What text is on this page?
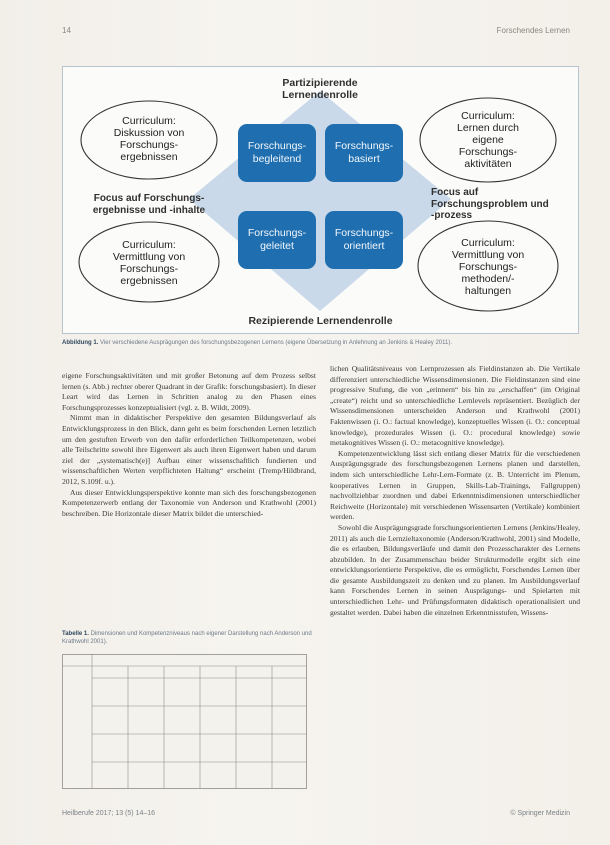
14	Forschendes Lernen
Partizipierende
Lernendenrolle
Rezipierende Lernendenrolle
Focus auf Forschungs-
ergebnisse und -inhalte
Focus auf
Forschungsproblem und
-prozess
Curriculum:
Diskussion von
Forschungs-
ergebnissen
Curriculum:
Lernen durch
eigene
Forschungs-
aktivitäten
Curriculum:
Vermittlung von
Forschungs-
ergebnissen
Curriculum:
Vermittlung von
Forschungs-
methoden/-
haltungen
Forschungs-
begleitend
Forschungs-
basiert
Forschungs-
geleitet
Forschungs-
orientiert
Abbildung 1. Vier verschiedene Ausprägungen des forschungsbezogenen Lernens (eigene Übersetzung in Anlehnung an Jenkins & Healey 2011).

eigene Forschungsaktivitäten und mit großer Betonung auf dem Prozess selbst lernen (s. Abb.) rechter oberer Quadrant in der Grafik: forschungsbasiert). In dieser Leart wird das Lernen in Schritten analog zu den Phasen eines Forschungsprozesses konzeptualisiert (vgl. z. B. Wildt, 2009).

Nimmt man in didaktischer Perspektive den gesamten Bildungsverlauf als Entwicklungsprozess in den Blick, dann geht es beim forschenden Lernen letztlich um den gestuften Erwerb von den dafür erforderlichen Teilkompetenzen, wobei alle Teilschritte sowohl ihre Eigenwert als auch ihren Eigenwert haben und darum ziel der „systematisch(e)] Aufbau einer wissenschaftlich fundierten und wissenschaftlichen Werten verpflichteten Haltung“ erscheint (Tremp/Hildbrand, 2012, S.109f. u.).

Aus dieser Entwicklungsperspektive konnte man sich des forschungsbezogenen Kompetenzerwerb entlang der Taxonomie von Anderson und Krathwohl (2001) beschreiben. Die Horizontale dieser Matrix bildet die unterschied-

lichen Qualitätsniveaus von Lernprozessen als Fieldinstanzen ab. Die Vertikale differenziert unterschiedliche Wissensdimensionen. Die Fieldinstanzen sind eine progressive Stufung, die von „erinnern“ bis hin zu „erschaffen“ (im Original „create“) reicht und so unterschiedliche Lernlevels repräsentiert. Bezüglich der Wissensdimensionen unterscheiden Anderson und Krathwohl (2001) Faktenwissen (i. O.: factual knowledge), konzeptuelles Wissen (i. O.: conceptual knowledge), prozedurales Wissen (i. O.: procedural knowledge) sowie metakognitives Wissen (i. O.: metacognitive knowledge).

Kompetenzentwicklung lässt sich entlang dieser Matrix für die verschiedenen Ausprägungsgrade des forschungsbezogenen Lernens planen und darstellen, indem sich unterschiedliche Lehr-Lern-Formate (z. B. Unterricht im Plenum, kooperatives Lernen in Gruppen, Skills-Lab-Trainings, Fallgruppen) nachvollziehbar zuordnen und dabei Erkenntnisdimensionen unterschiedlicher Reichweite (Horizontale) mit verschiedenen Wissensarten (Vertikale) kombiniert werden.

Sowohl die Ausprägungsgrade forschungsorientierten Lernens (Jenkins/Healey, 2011) als auch die Lernzieltaxonomie (Anderson/Krathwohl, 2001) sind Modelle, die es erlauben, Bildungsverläufe und damit den Prozesscharakter des Lernens abzubilden. In der Zusammenschau beider Strukturmodelle ergibt sich eine entwicklungsorientierte Perspektive, die es ermöglicht, Forschendes Lernen über die gesamte Ausbildungszeit zu denken und zu planen. Im Ausbildungsverlauf kann Forschendes Lernen in seinen Ausprägungs- und Spielarten mit unterschiedlichen Lehr- und Prüfungsformaten didaktisch operationalisiert und gestaltet werden. Dabei haben die einzelnen Erkenntnisstufen, Wissens-

Tabelle 1. Dimensionen und Kompetenzniveaus nach eigener Darstellung nach Anderson und Krathwohl 2001).
Heilberufe 2017; 13 (5) 14–16	© Springer Medizin
